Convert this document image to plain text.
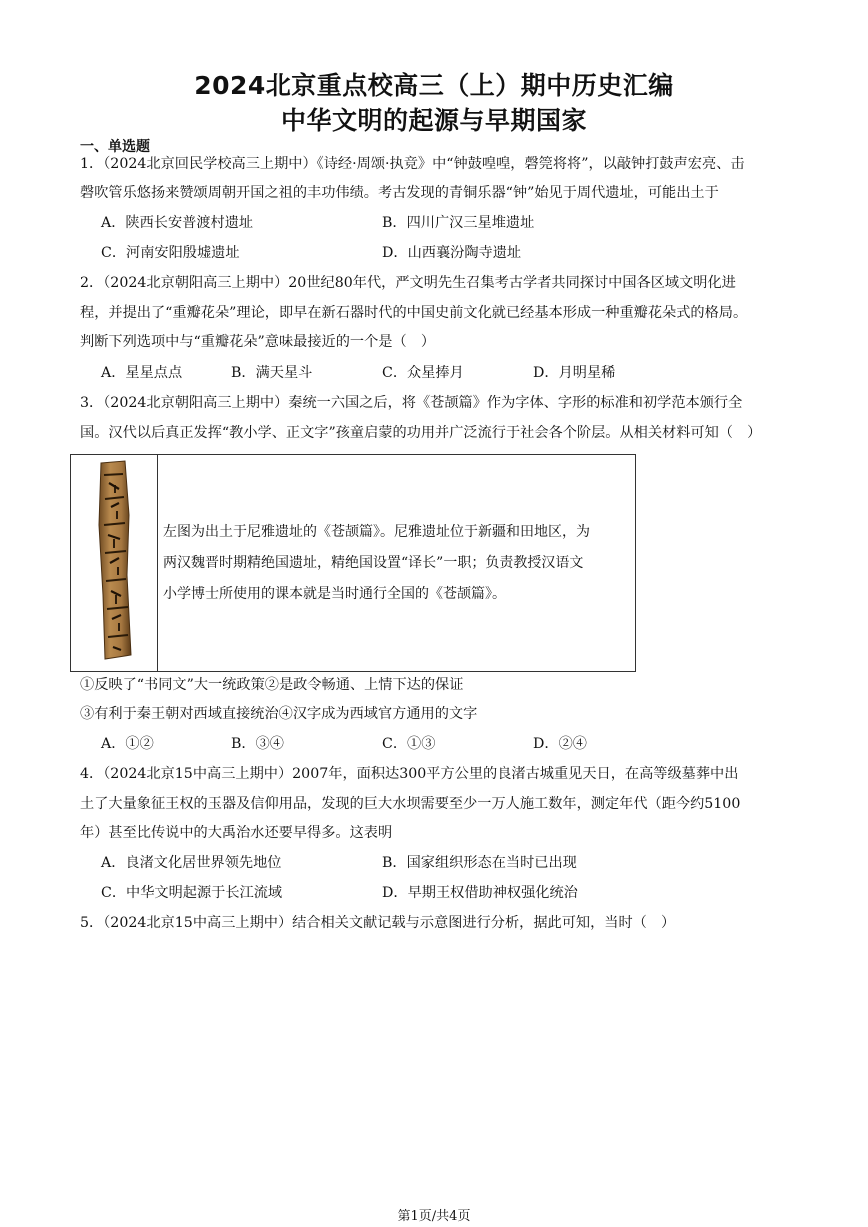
2024北京重点校高三（上）期中历史汇编
中华文明的起源与早期国家
一、单选题
1．（2024北京回民学校高三上期中）《诗经·周颂·执竞》中“钟鼓喤喤，磬筦将将”，以敲钟打鼓声宏亮、击
磬吹管乐悠扬来赞颂周朝开国之祖的丰功伟绩。考古发现的青铜乐器“钟”始见于周代遗址，可能出土于
A．陕西长安普渡村遗址	B．四川广汉三星堆遗址
C．河南安阳殷墟遗址	D．山西襄汾陶寺遗址
2．（2024北京朝阳高三上期中）20世纪80年代，严文明先生召集考古学者共同探讨中国各区域文明化进
程，并提出了“重瓣花朵”理论，即早在新石器时代的中国史前文化就已经基本形成一种重瓣花朵式的格局。
判断下列选项中与“重瓣花朵”意味最接近的一个是（　）
A．星星点点	B．满天星斗	C．众星捧月	D．月明星稀
3．（2024北京朝阳高三上期中）秦统一六国之后，将《苍颉篇》作为字体、字形的标准和初学范本颁行全
国。汉代以后真正发挥“教小学、正文字”孩童启蒙的功用并广泛流行于社会各个阶层。从相关材料可知（　）
左图为出土于尼雅遗址的《苍颉篇》。尼雅遗址位于新疆和田地区，为
两汉魏晋时期精绝国遗址，精绝国设置“译长”一职；负责教授汉语文
小学博士所使用的课本就是当时通行全国的《苍颉篇》。
①反映了“书同文”大一统政策②是政令畅通、上情下达的保证
③有利于秦王朝对西域直接统治④汉字成为西域官方通用的文字
A．①②	B．③④	C．①③	D．②④
4．（2024北京15中高三上期中）2007年，面积达300平方公里的良渚古城重见天日，在高等级墓葬中出
土了大量象征王权的玉器及信仰用品，发现的巨大水坝需要至少一万人施工数年，测定年代（距今约5100
年）甚至比传说中的大禹治水还要早得多。这表明
A．良渚文化居世界领先地位	B．国家组织形态在当时已出现
C．中华文明起源于长江流域	D．早期王权借助神权强化统治
5．（2024北京15中高三上期中）结合相关文献记载与示意图进行分析，据此可知，当时（　）
第1页/共4页
